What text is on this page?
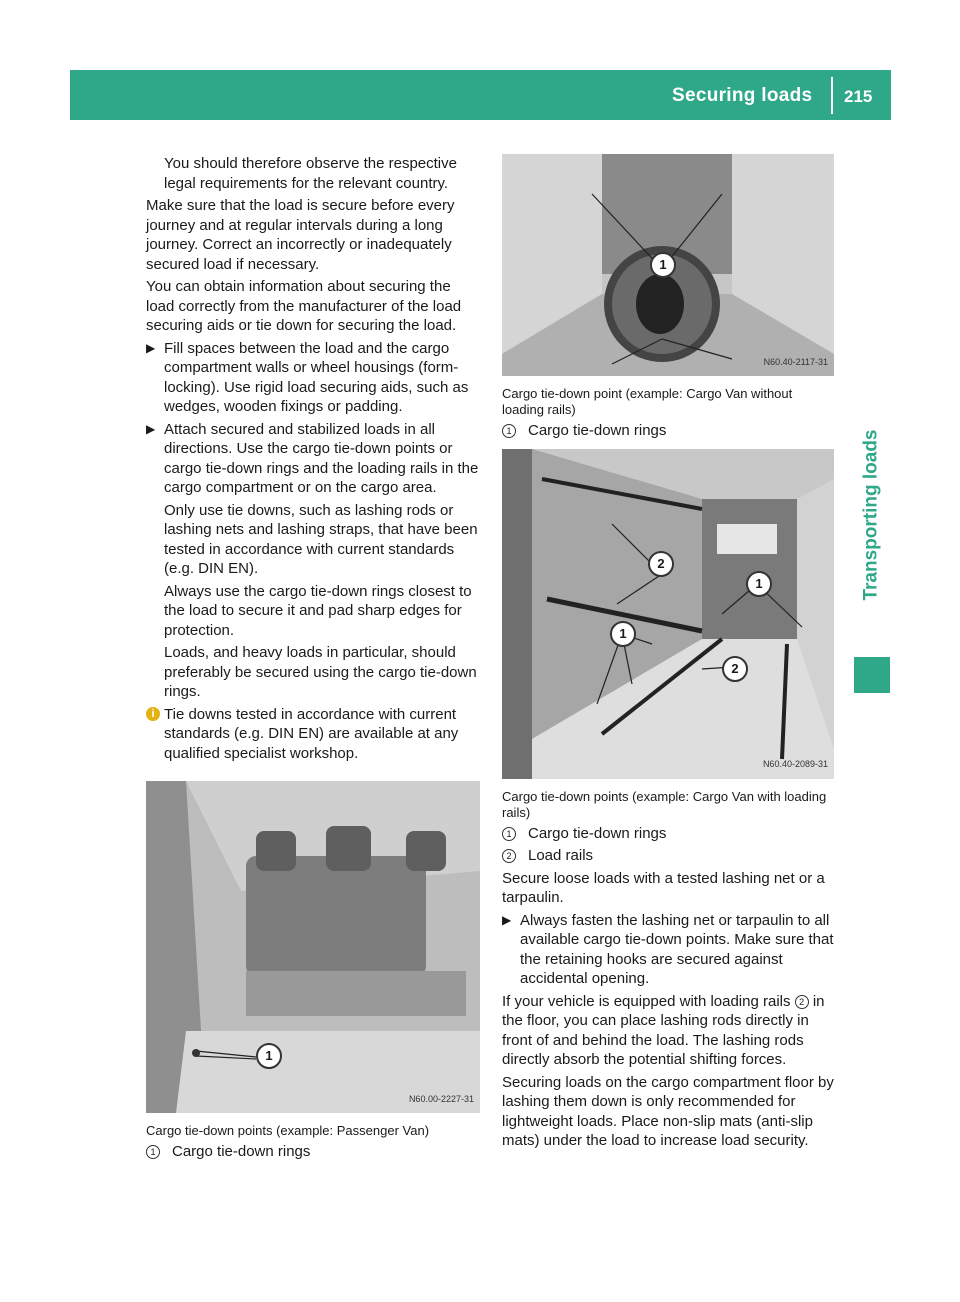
Securing loads 215
Transporting loads

You should therefore observe the respective legal requirements for the relevant country.

Make sure that the load is secure before every journey and at regular intervals during a long journey. Correct an incorrectly or inadequately secured load if necessary.

You can obtain information about securing the load correctly from the manufacturer of the load securing aids or tie down for securing the load.

▶ Fill spaces between the load and the cargo compartment walls or wheel housings (form-locking). Use rigid load securing aids, such as wedges, wooden fixings or padding.
▶ Attach secured and stabilized loads in all directions. Use the cargo tie-down points or cargo tie-down rings and the loading rails in the cargo compartment or on the cargo area.

Only use tie downs, such as lashing rods or lashing nets and lashing straps, that have been tested in accordance with current standards (e.g. DIN EN).

Always use the cargo tie-down rings closest to the load to secure it and pad sharp edges for protection.

Loads, and heavy loads in particular, should preferably be secured using the cargo tie-down rings.

i Tie downs tested in accordance with current standards (e.g. DIN EN) are available at any qualified specialist workshop.
1
N60.00-2227-31
Cargo tie-down points (example: Passenger Van)
1	Cargo tie-down rings
1
N60.40-2117-31
Cargo tie-down point (example: Cargo Van without loading rails)
1	Cargo tie-down rings
2
1
1
2
N60.40-2089-31
Cargo tie-down points (example: Cargo Van with loading rails)
1	Cargo tie-down rings
2	Load rails

Secure loose loads with a tested lashing net or a tarpaulin.

▶ Always fasten the lashing net or tarpaulin to all available cargo tie-down points. Make sure that the retaining hooks are secured against accidental opening.

If your vehicle is equipped with loading rails 2 in the floor, you can place lashing rods directly in front of and behind the load. The lashing rods directly absorb the potential shifting forces.

Securing loads on the cargo compartment floor by lashing them down is only recommended for lightweight loads. Place non-slip mats (anti-slip mats) under the load to increase load security.
